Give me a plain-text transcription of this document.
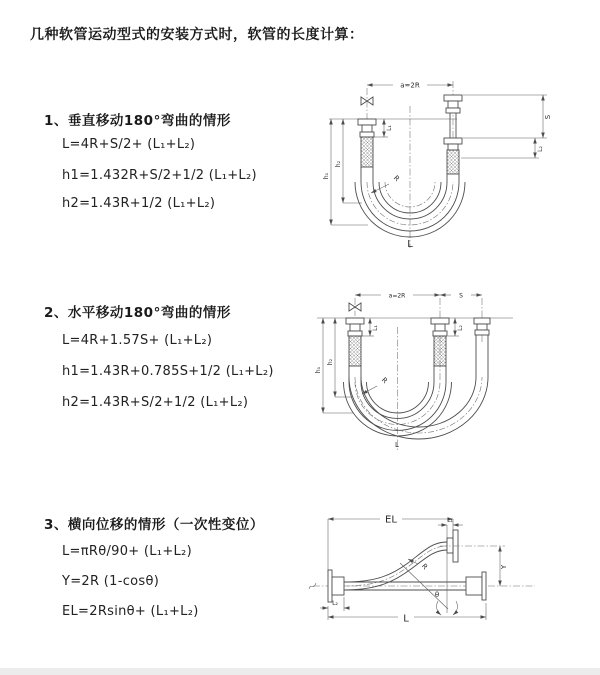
几种软管运动型式的安装方式时，软管的长度计算：
1、垂直移动180°弯曲的情形
L=4R+S/2+ (L₁+L₂)
h1=1.432R+S/2+1/2 (L₁+L₂)
h2=1.43R+1/2 (L₁+L₂)
2、水平移动180°弯曲的情形
L=4R+1.57S+ (L₁+L₂)
h1=1.43R+0.785S+1/2 (L₁+L₂)
h2=1.43R+S/2+1/2 (L₁+L₂)
3、横向位移的情形（一次性变位）
L=πRθ/90+ (L₁+L₂)
Y=2R (1-cosθ)
EL=2Rsinθ+ (L₁+L₂)
a=2R
h₁
h₂
L₁
S
L₂
R
L
a=2R	S
h₁
h₂
L₁	L₂
R
L
EL	L₁
Y
θ
R
L
L₂
